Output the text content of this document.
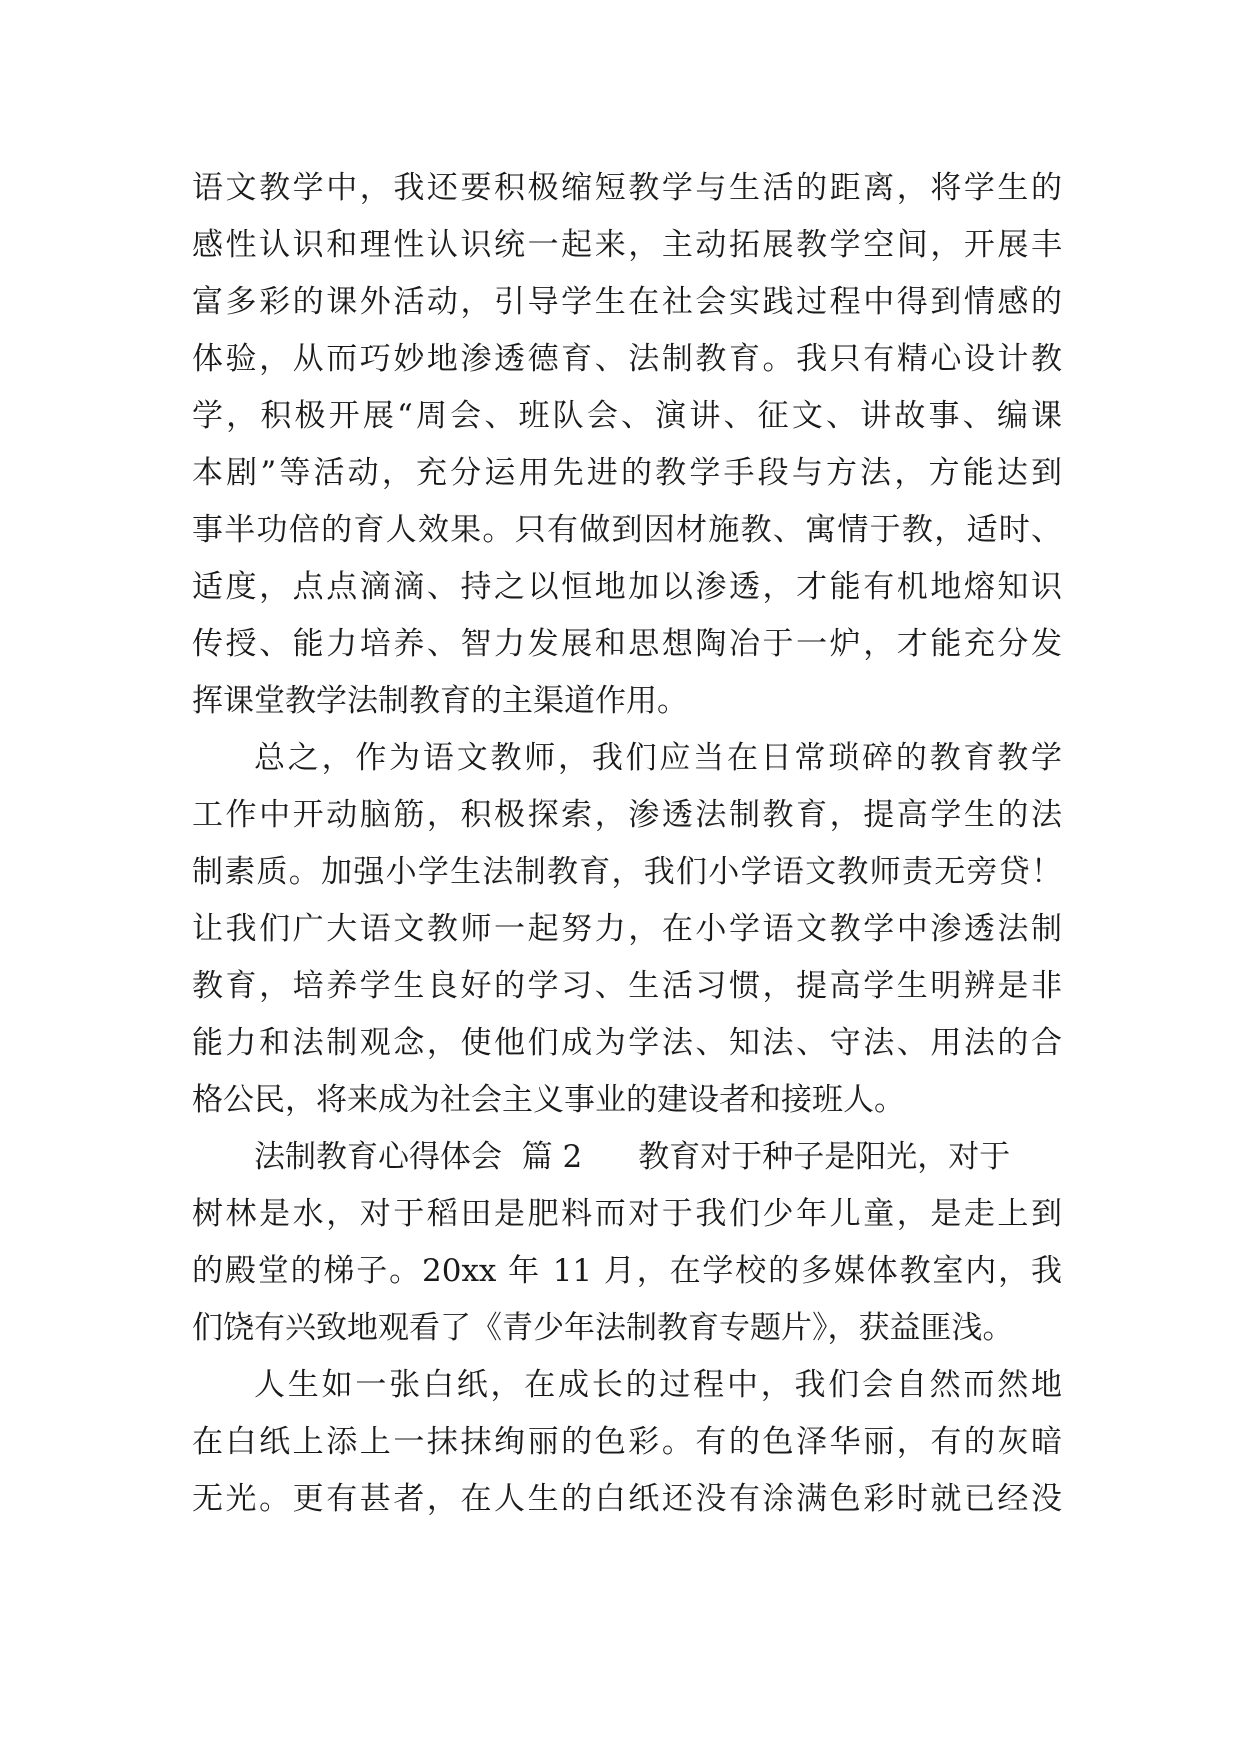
语文教学中，我还要积极缩短教学与生活的距离，将学生的
感性认识和理性认识统一起来，主动拓展教学空间，开展丰
富多彩的课外活动，引导学生在社会实践过程中得到情感的
体验，从而巧妙地渗透德育、法制教育。我只有精心设计教
学，积极开展“周会、班队会、演讲、征文、讲故事、编课
本剧”等活动，充分运用先进的教学手段与方法，方能达到
事半功倍的育人效果。只有做到因材施教、寓情于教，适时、
适度，点点滴滴、持之以恒地加以渗透，才能有机地熔知识
传授、能力培养、智力发展和思想陶冶于一炉，才能充分发
挥课堂教学法制教育的主渠道作用。
总之，作为语文教师，我们应当在日常琐碎的教育教学
工作中开动脑筋，积极探索，渗透法制教育，提高学生的法
制素质。加强小学生法制教育，我们小学语文教师责无旁贷！
让我们广大语文教师一起努力，在小学语文教学中渗透法制
教育，培养学生良好的学习、生活习惯，提高学生明辨是非
能力和法制观念，使他们成为学法、知法、守法、用法的合
格公民，将来成为社会主义事业的建设者和接班人。
法制教育心得体会  篇 2 教育对于种子是阳光，对于
树林是水，对于稻田是肥料而对于我们少年儿童，是走上到
的殿堂的梯子。20xx 年 11 月，在学校的多媒体教室内，我
们饶有兴致地观看了《青少年法制教育专题片》，获益匪浅。
人生如一张白纸，在成长的过程中，我们会自然而然地
在白纸上添上一抹抹绚丽的色彩。有的色泽华丽，有的灰暗
无光。更有甚者，在人生的白纸还没有涂满色彩时就已经没
